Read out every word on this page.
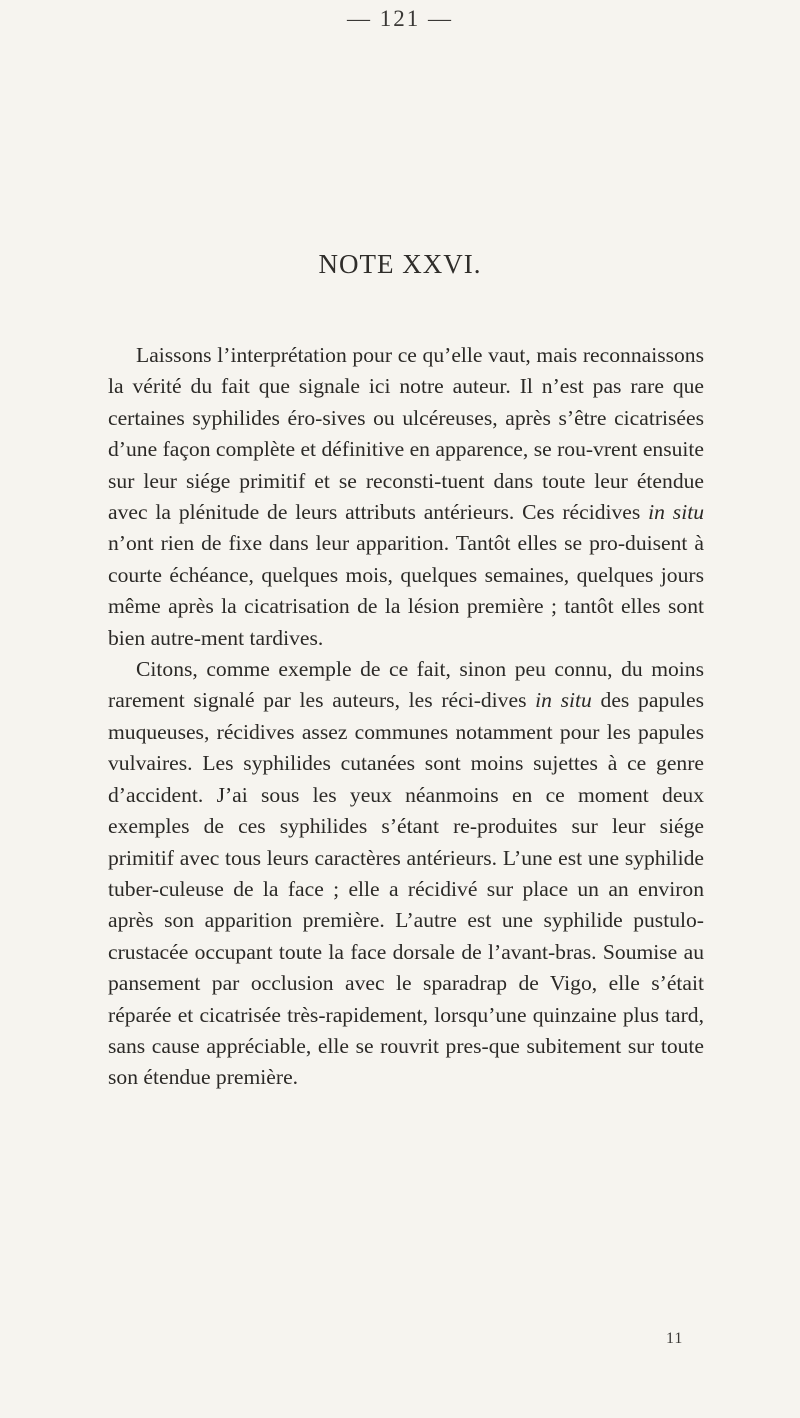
— 121 —
NOTE XXVI.

Laissons l’interprétation pour ce qu’elle vaut, mais reconnaissons la vérité du fait que signale ici notre auteur. Il n’est pas rare que certaines syphilides éro-sives ou ulcéreuses, après s’être cicatrisées d’une façon complète et définitive en apparence, se rou-vrent ensuite sur leur siége primitif et se reconsti-tuent dans toute leur étendue avec la plénitude de leurs attributs antérieurs. Ces récidives in situ n’ont rien de fixe dans leur apparition. Tantôt elles se pro-duisent à courte échéance, quelques mois, quelques semaines, quelques jours même après la cicatrisation de la lésion première ; tantôt elles sont bien autre-ment tardives.

Citons, comme exemple de ce fait, sinon peu connu, du moins rarement signalé par les auteurs, les réci-dives in situ des papules muqueuses, récidives assez communes notamment pour les papules vulvaires. Les syphilides cutanées sont moins sujettes à ce genre d’accident. J’ai sous les yeux néanmoins en ce moment deux exemples de ces syphilides s’étant re-produites sur leur siége primitif avec tous leurs caractères antérieurs. L’une est une syphilide tuber-culeuse de la face ; elle a récidivé sur place un an environ après son apparition première. L’autre est une syphilide pustulo-crustacée occupant toute la face dorsale de l’avant-bras. Soumise au pansement par occlusion avec le sparadrap de Vigo, elle s’était réparée et cicatrisée très-rapidement, lorsqu’une quinzaine plus tard, sans cause appréciable, elle se rouvrit pres-que subitement sur toute son étendue première.

11
